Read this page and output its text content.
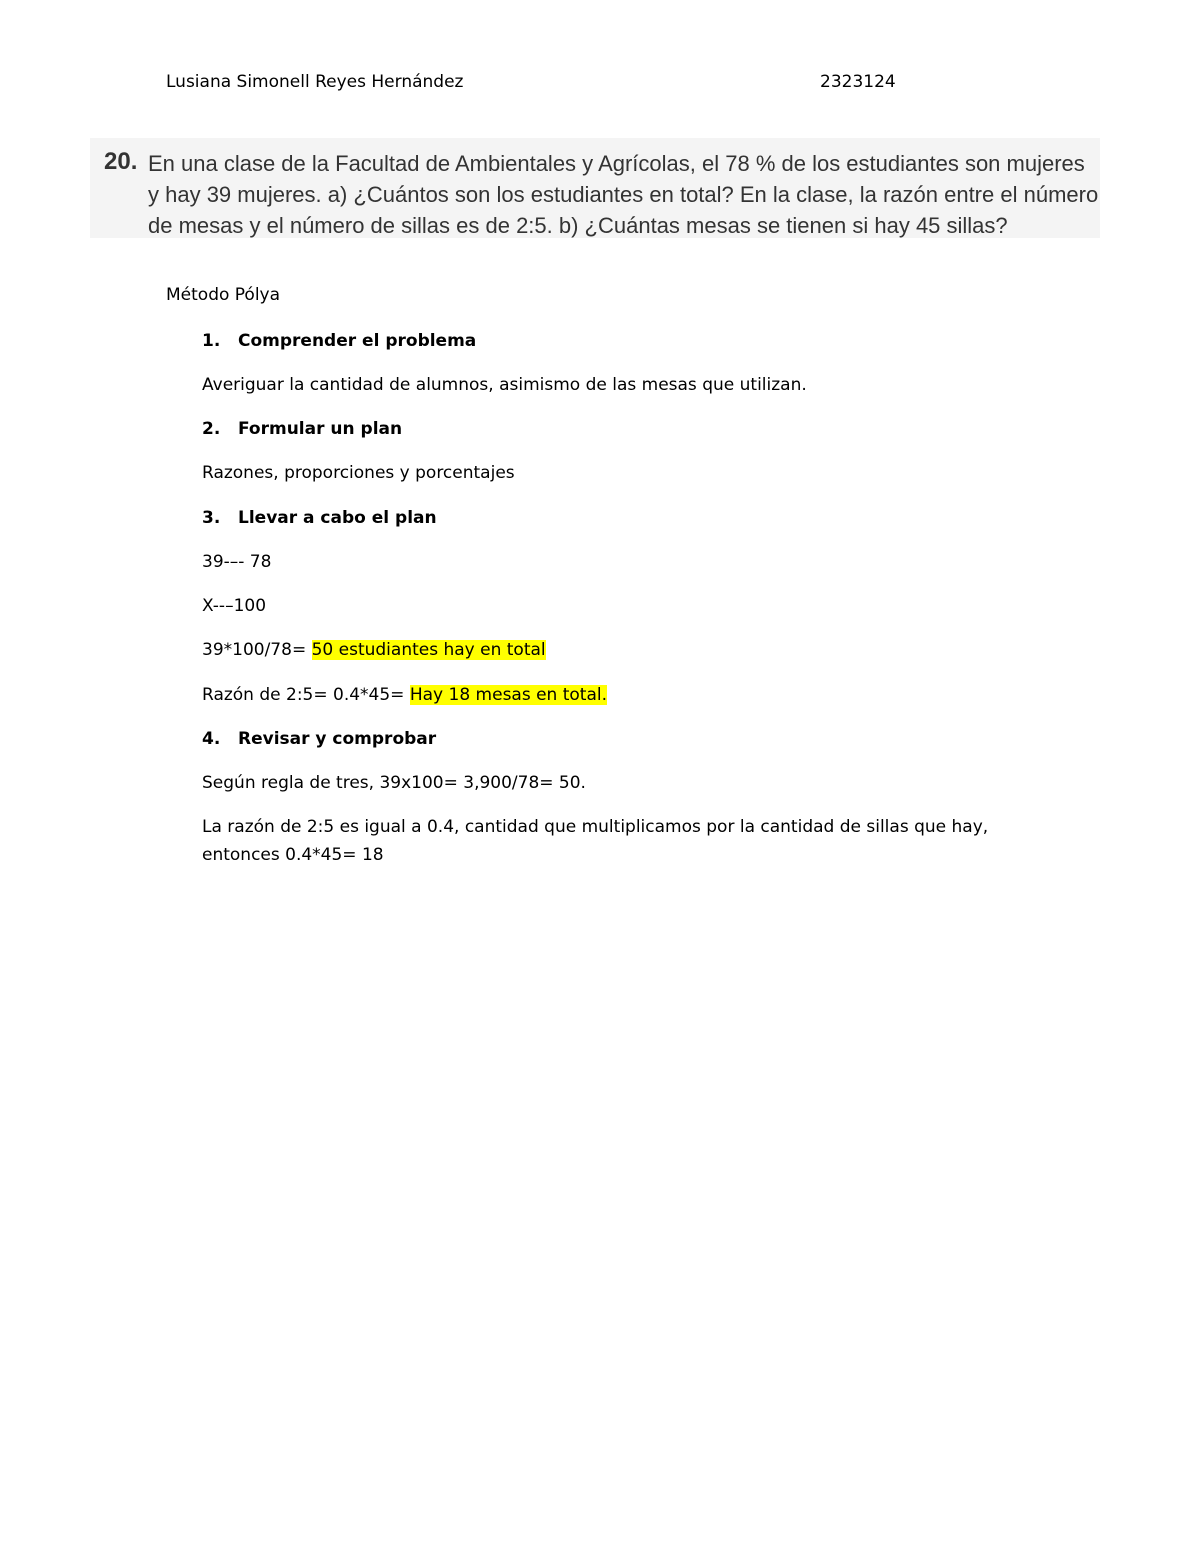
Lusiana Simonell Reyes Hernández	2323124
20. En una clase de la Facultad de Ambientales y Agrícolas, el 78 % de los estudiantes son mujeres
y hay 39 mujeres. a) ¿Cuántos son los estudiantes en total? En la clase, la razón entre el número
de mesas y el número de sillas es de 2:5. b) ¿Cuántas mesas se tienen si hay 45 sillas?
Método Pólya
1. Comprender el problema
Averiguar la cantidad de alumnos, asimismo de las mesas que utilizan.
2. Formular un plan
Razones, proporciones y porcentajes
3. Llevar a cabo el plan
39-–- 78
X--–100
39*100/78= 50 estudiantes hay en total
Razón de 2:5= 0.4*45= Hay 18 mesas en total.
4. Revisar y comprobar
Según regla de tres, 39x100= 3,900/78= 50.
La razón de 2:5 es igual a 0.4, cantidad que multiplicamos por la cantidad de sillas que hay,
entonces 0.4*45= 18
